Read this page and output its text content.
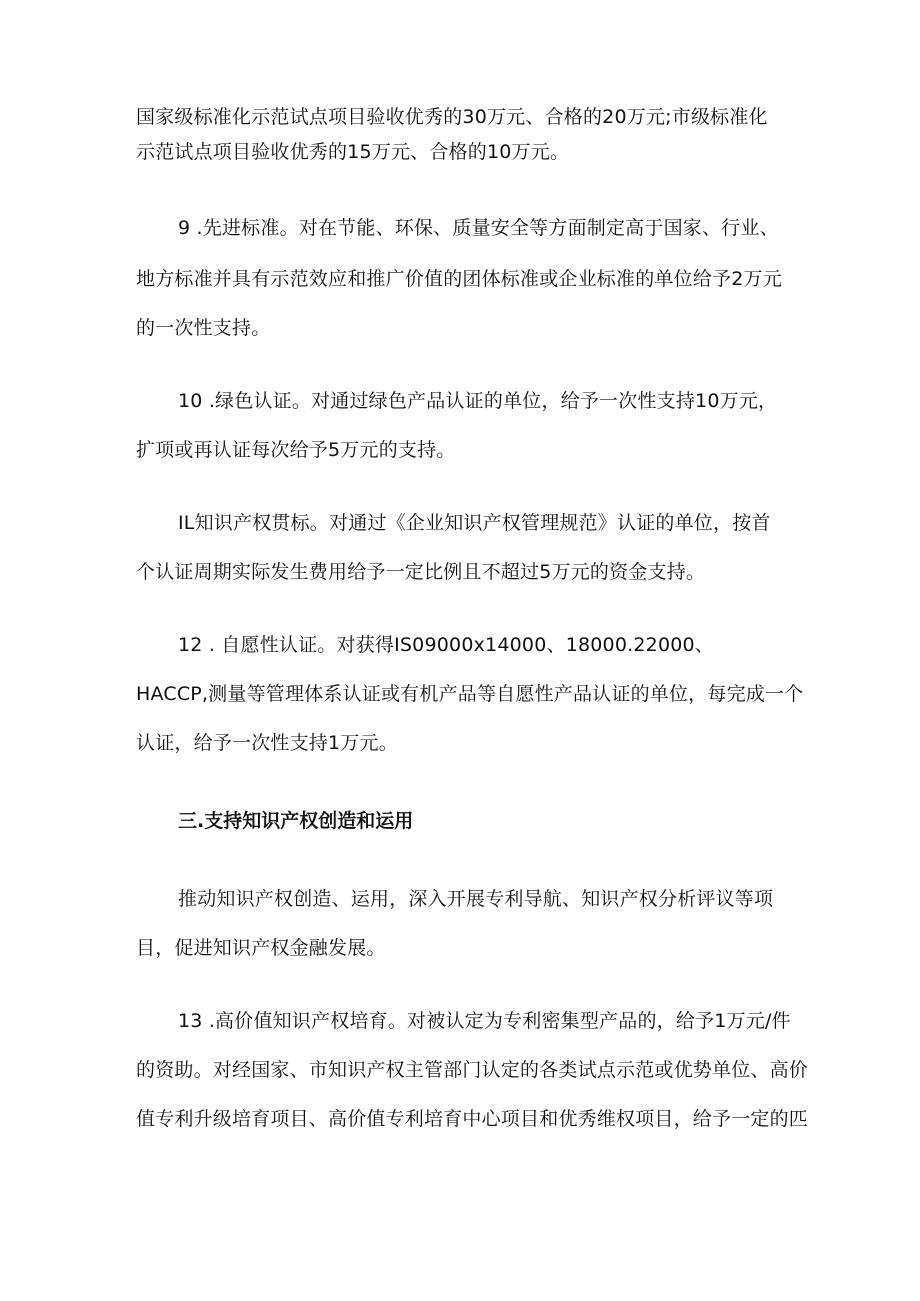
国家级标准化示范试点项目验收优秀的30万元、合格的20万元;市级标准化
示范试点项目验收优秀的15万元、合格的10万元。
9 .先进标准。对在节能、环保、质量安全等方面制定高于国家、行业、
地方标准并具有示范效应和推广价值的团体标准或企业标准的单位给予2万元
的一次性支持。
10 .绿色认证。对通过绿色产品认证的单位，给予一次性支持10万元，
扩项或再认证每次给予5万元的支持。
IL知识产权贯标。对通过《企业知识产权管理规范》认证的单位，按首
个认证周期实际发生费用给予一定比例且不超过5万元的资金支持。
12 . 自愿性认证。对获得IS09000x14000、18000.22000、
HACCP,测量等管理体系认证或有机产品等自愿性产品认证的单位，每完成一个
认证，给予一次性支持1万元。
三.支持知识产权创造和运用
推动知识产权创造、运用，深入开展专利导航、知识产权分析评议等项
目，促进知识产权金融发展。
13 .高价值知识产权培育。对被认定为专利密集型产品的，给予1万元/件
的资助。对经国家、市知识产权主管部门认定的各类试点示范或优势单位、高价
值专利升级培育项目、高价值专利培育中心项目和优秀维权项目，给予一定的匹
